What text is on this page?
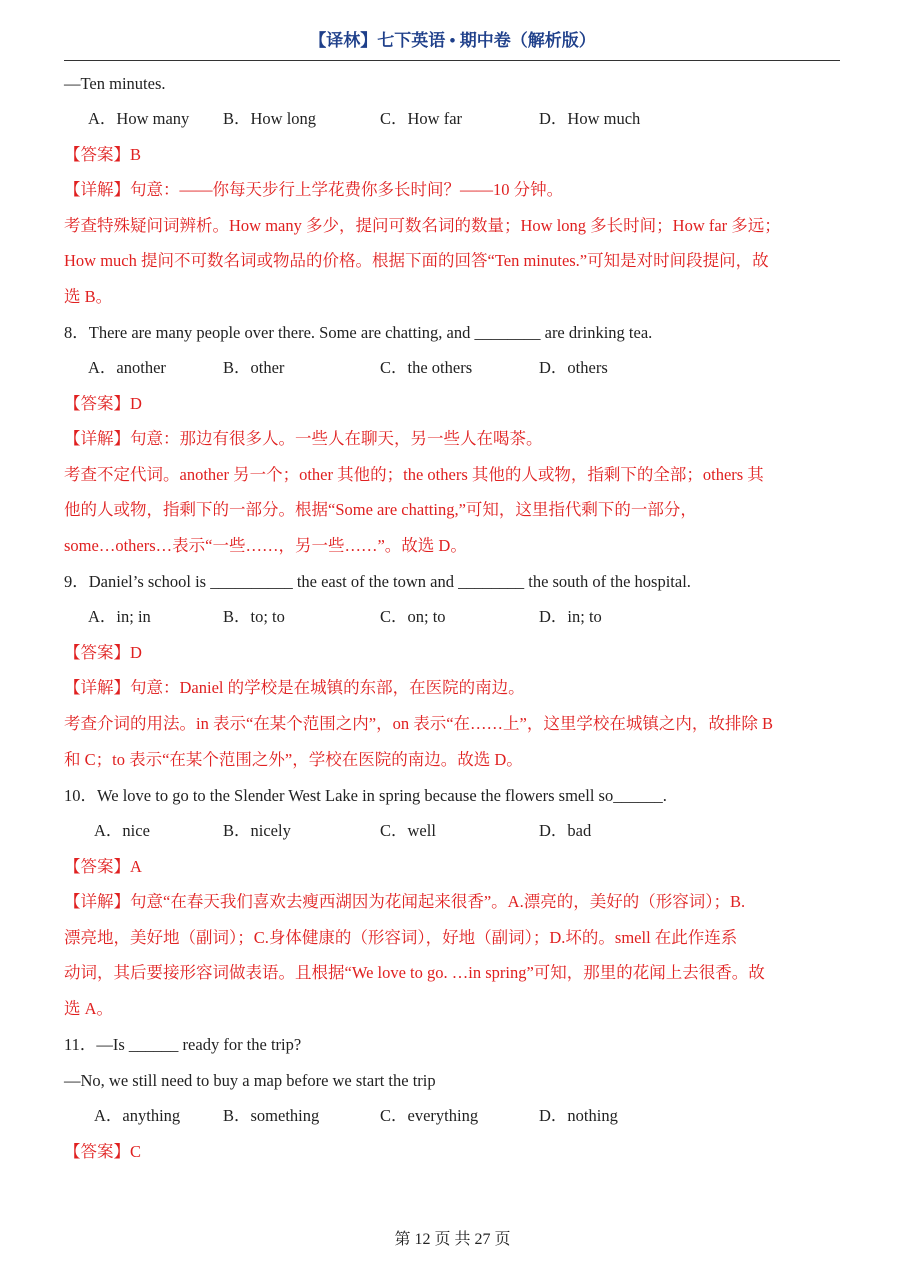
【译林】七下英语 • 期中卷（解析版）
—Ten minutes.
A．How many B．How long	C．How far	D．How much
【答案】B
【详解】句意：——你每天步行上学花费你多长时间？——10 分钟。
考查特殊疑问词辨析。How many 多少，提问可数名词的数量；How long 多长时间；How far 多远；
How much 提问不可数名词或物品的价格。根据下面的回答“Ten minutes.”可知是对时间段提问，故
选 B。
8．There are many people over there. Some are chatting, and ________ are drinking tea.
A．another	B．other	C．the others	D．others
【答案】D
【详解】句意：那边有很多人。一些人在聊天，另一些人在喝茶。
考查不定代词。another 另一个；other 其他的；the others 其他的人或物，指剩下的全部；others 其
他的人或物，指剩下的一部分。根据“Some are chatting,”可知，这里指代剩下的一部分，
some…others…表示“一些……，另一些……”。故选 D。
9．Daniel’s school is __________ the east of the town and ________ the south of the hospital.
A．in; in	B．to; to	C．on; to	D．in; to
【答案】D
【详解】句意：Daniel 的学校是在城镇的东部，在医院的南边。
考查介词的用法。in 表示“在某个范围之内”，on 表示“在……上”，这里学校在城镇之内，故排除 B
和 C；to 表示“在某个范围之外”，学校在医院的南边。故选 D。
10．We love to go to the Slender West Lake in spring because the flowers smell so______.
A．nice	B．nicely	C．well	D．bad
【答案】A
【详解】句意“在春天我们喜欢去瘦西湖因为花闻起来很香”。A.漂亮的，美好的（形容词）；B.
漂亮地，美好地（副词）；C.身体健康的（形容词），好地（副词）；D.坏的。smell 在此作连系
动词，其后要接形容词做表语。且根据“We love to go. …in spring”可知，那里的花闻上去很香。故
选 A。
11．—Is ______ ready for the trip?
—No, we still need to buy a map before we start the trip
A．anything	B．something	C．everything	D．nothing
【答案】C
第 12 页 共 27 页
